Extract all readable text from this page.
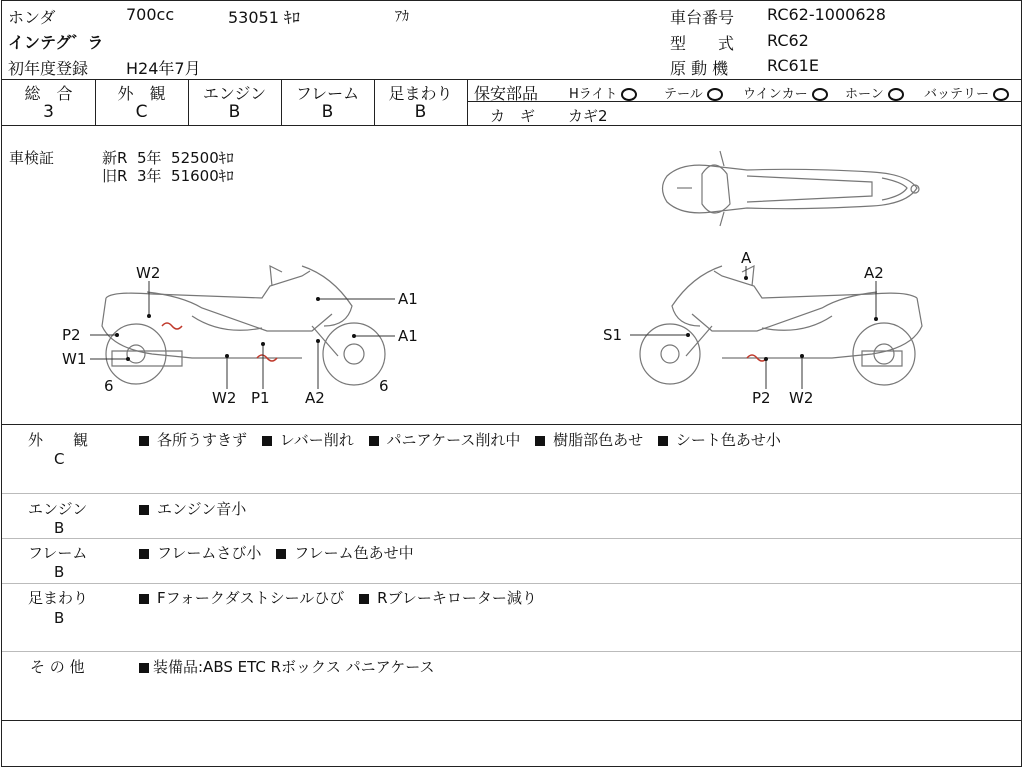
ホンダ	700cc	53051 ｷﾛ	ｱｶ
インテグ゛ラ
初年度登録 H24年7月
車台番号 RC62-1000628
型　　式 RC62
原 動 機 RC61E
総　合
3
外　観
C
エンジン
B
フレーム
B
足まわり
B
保安部品 Hライト	テール	ウインカー	ホーン	バッテリー
カ　ギ カギ2
車検証	新R  5年  52500ｷﾛ
旧R  3年  51600ｷﾛ
W2
A1
A1
P2
W1
6	6
W2 P1 A2
A
A2
S1
P2 W2
外　　観
C
各所うすきず レバー削れ パニアケース削れ中 樹脂部色あせ シート色あせ小
エンジン
B
エンジン音小
フレーム
B
フレームさび小 フレーム色あせ中
足まわり
B
Fフォークダストシールひび Rブレーキローター減り
そ の 他	装備品:ABS ETC Rボックス パニアケース
